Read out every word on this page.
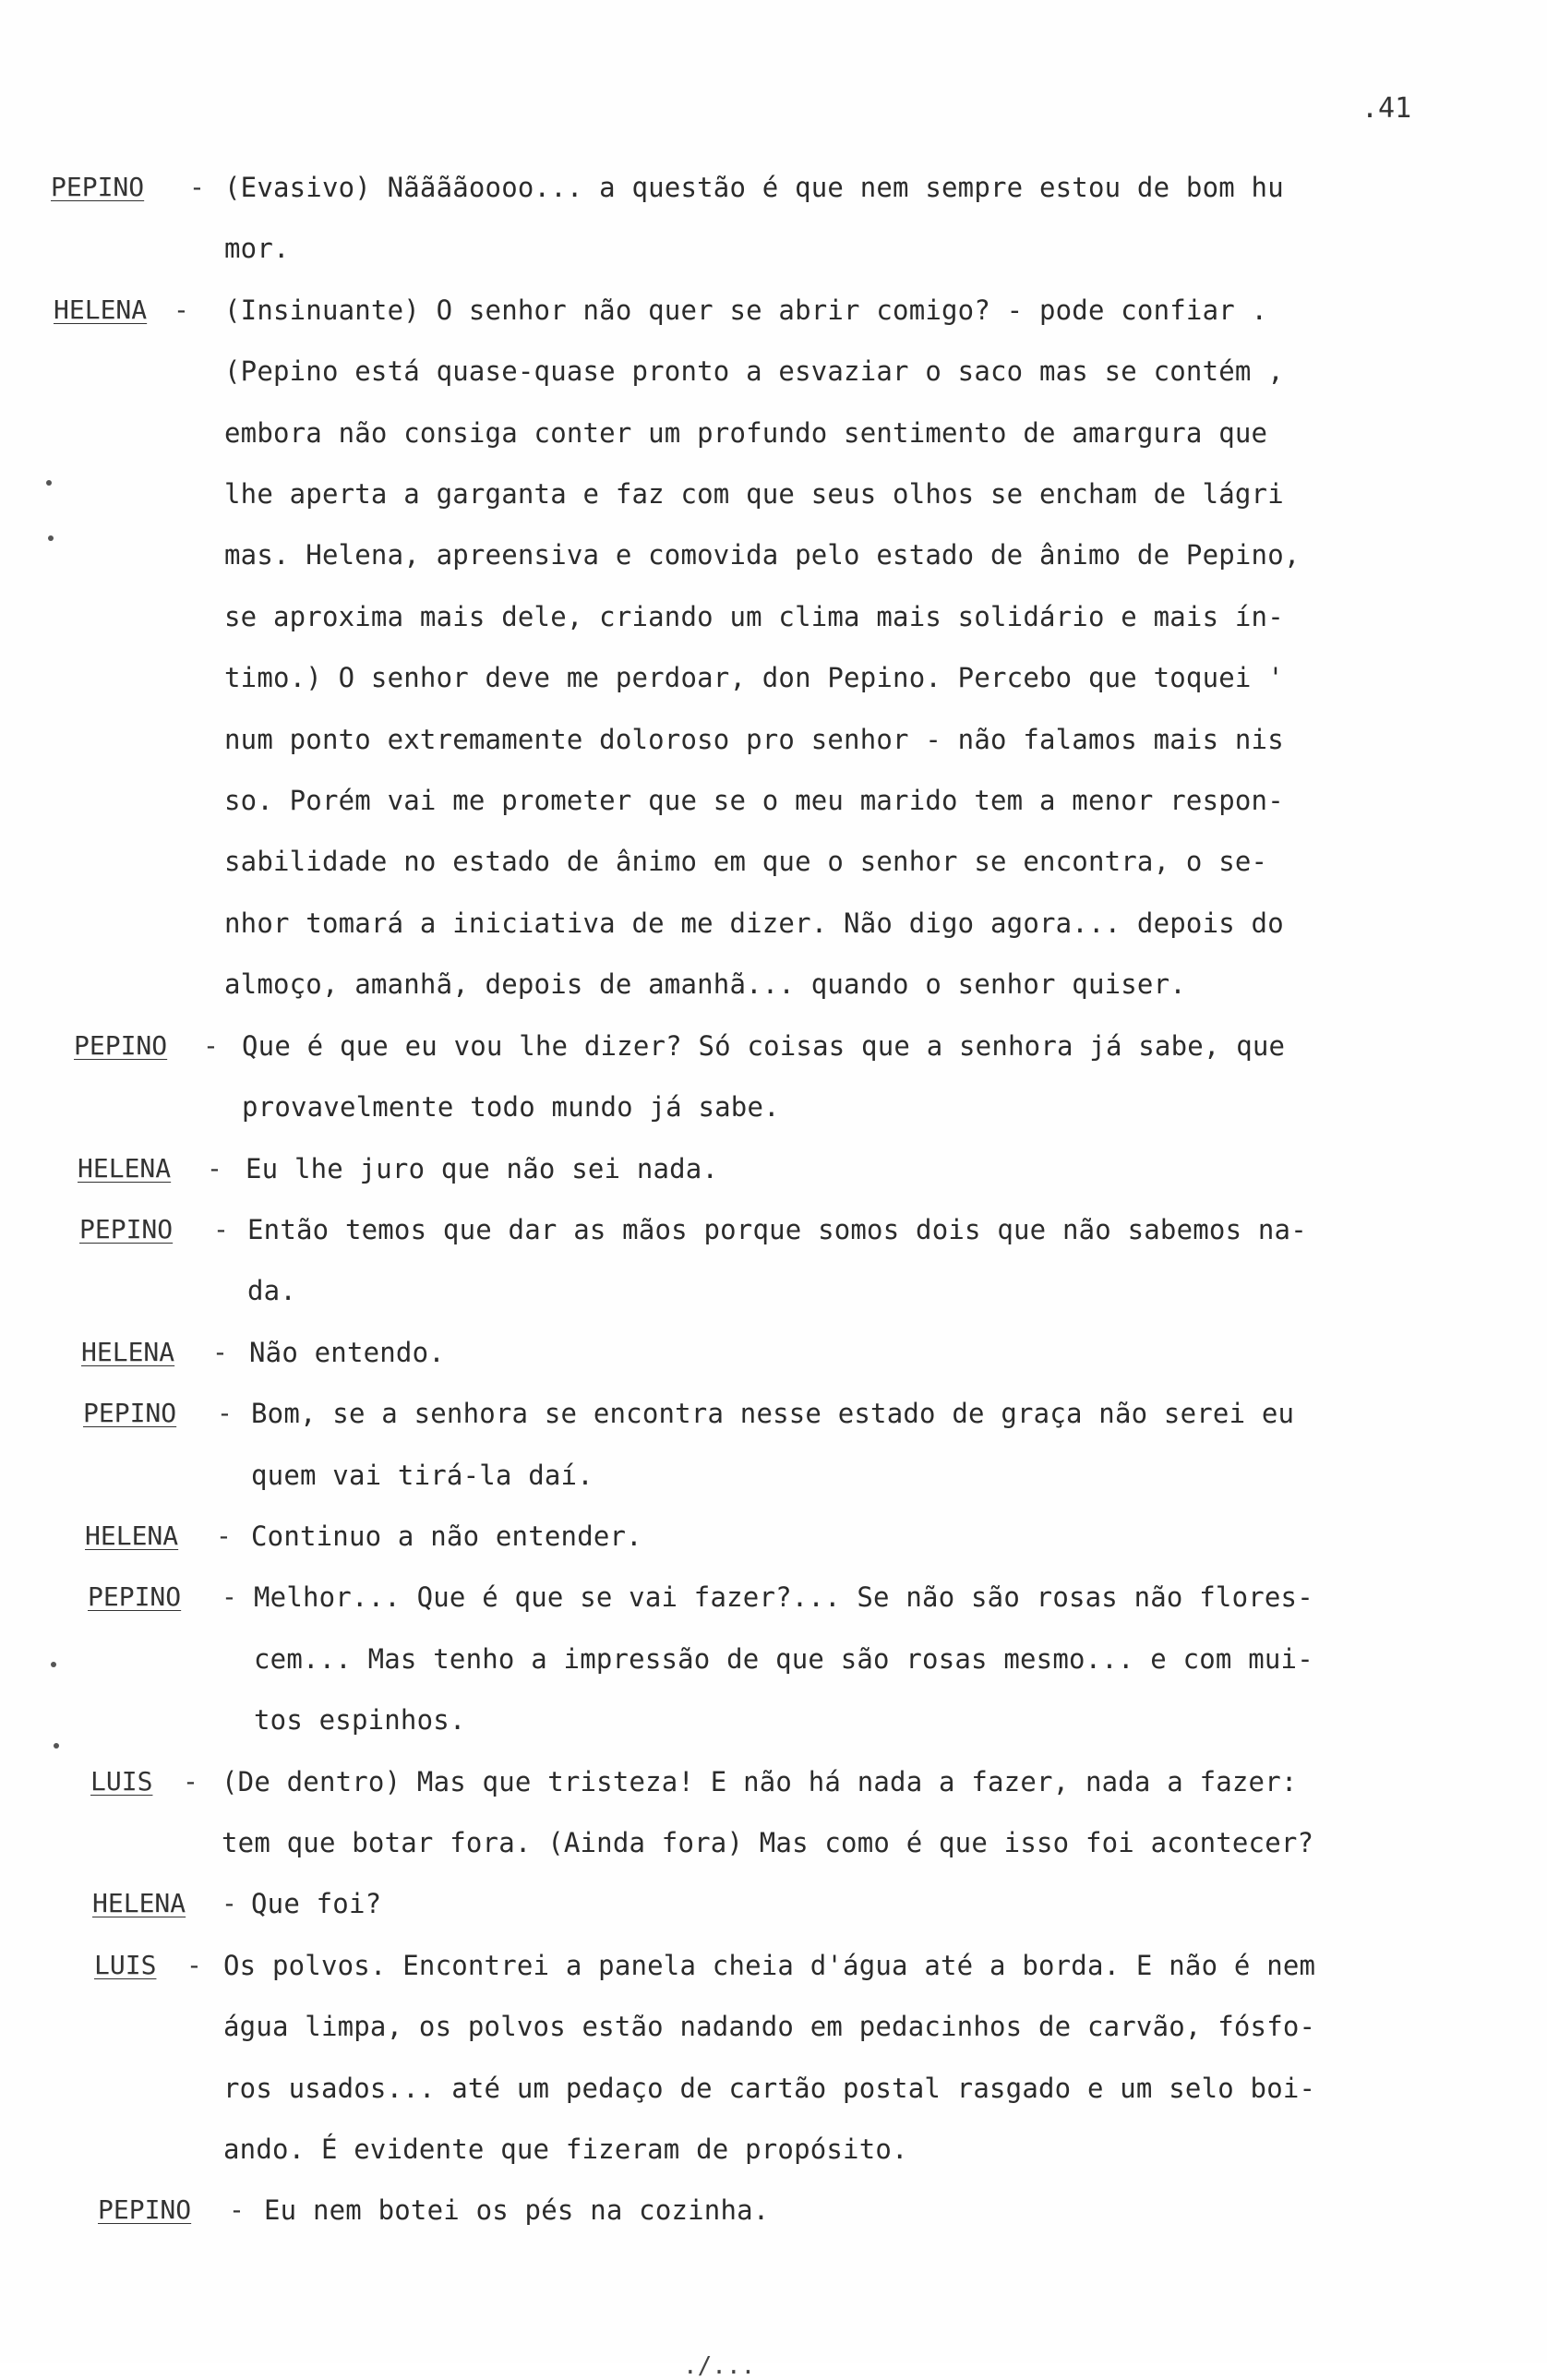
.41
PEPINO - (Evasivo) Nããããoooo... a questão é que nem sempre estou de bom hu
mor.
HELENA - (Insinuante) O senhor não quer se abrir comigo? - pode confiar .
(Pepino está quase-quase pronto a esvaziar o saco mas se contém ,
embora não consiga conter um profundo sentimento de amargura que
lhe aperta a garganta e faz com que seus olhos se encham de lágri
mas. Helena, apreensiva e comovida pelo estado de ânimo de Pepino,
se aproxima mais dele, criando um clima mais solidário e mais ín-
timo.) O senhor deve me perdoar, don Pepino. Percebo que toquei '
num ponto extremamente doloroso pro senhor - não falamos mais nis
so. Porém vai me prometer que se o meu marido tem a menor respon-
sabilidade no estado de ânimo em que o senhor se encontra, o se-
nhor tomará a iniciativa de me dizer. Não digo agora... depois do
almoço, amanhã, depois de amanhã... quando o senhor quiser.
PEPINO - Que é que eu vou lhe dizer? Só coisas que a senhora já sabe, que
provavelmente todo mundo já sabe.
HELENA - Eu lhe juro que não sei nada.
PEPINO - Então temos que dar as mãos porque somos dois que não sabemos na-
da.
HELENA - Não entendo.
PEPINO - Bom, se a senhora se encontra nesse estado de graça não serei eu
quem vai tirá-la daí.
HELENA - Continuo a não entender.
PEPINO - Melhor... Que é que se vai fazer?... Se não são rosas não flores-
cem... Mas tenho a impressão de que são rosas mesmo... e com mui-
tos espinhos.
LUIS - (De dentro) Mas que tristeza! E não há nada a fazer, nada a fazer:
tem que botar fora. (Ainda fora) Mas como é que isso foi acontecer?
HELENA - Que foi?
LUIS - Os polvos. Encontrei a panela cheia d'água até a borda. E não é nem
água limpa, os polvos estão nadando em pedacinhos de carvão, fósfo-
ros usados... até um pedaço de cartão postal rasgado e um selo boi-
ando. É evidente que fizeram de propósito.
PEPINO - Eu nem botei os pés na cozinha.
./...
